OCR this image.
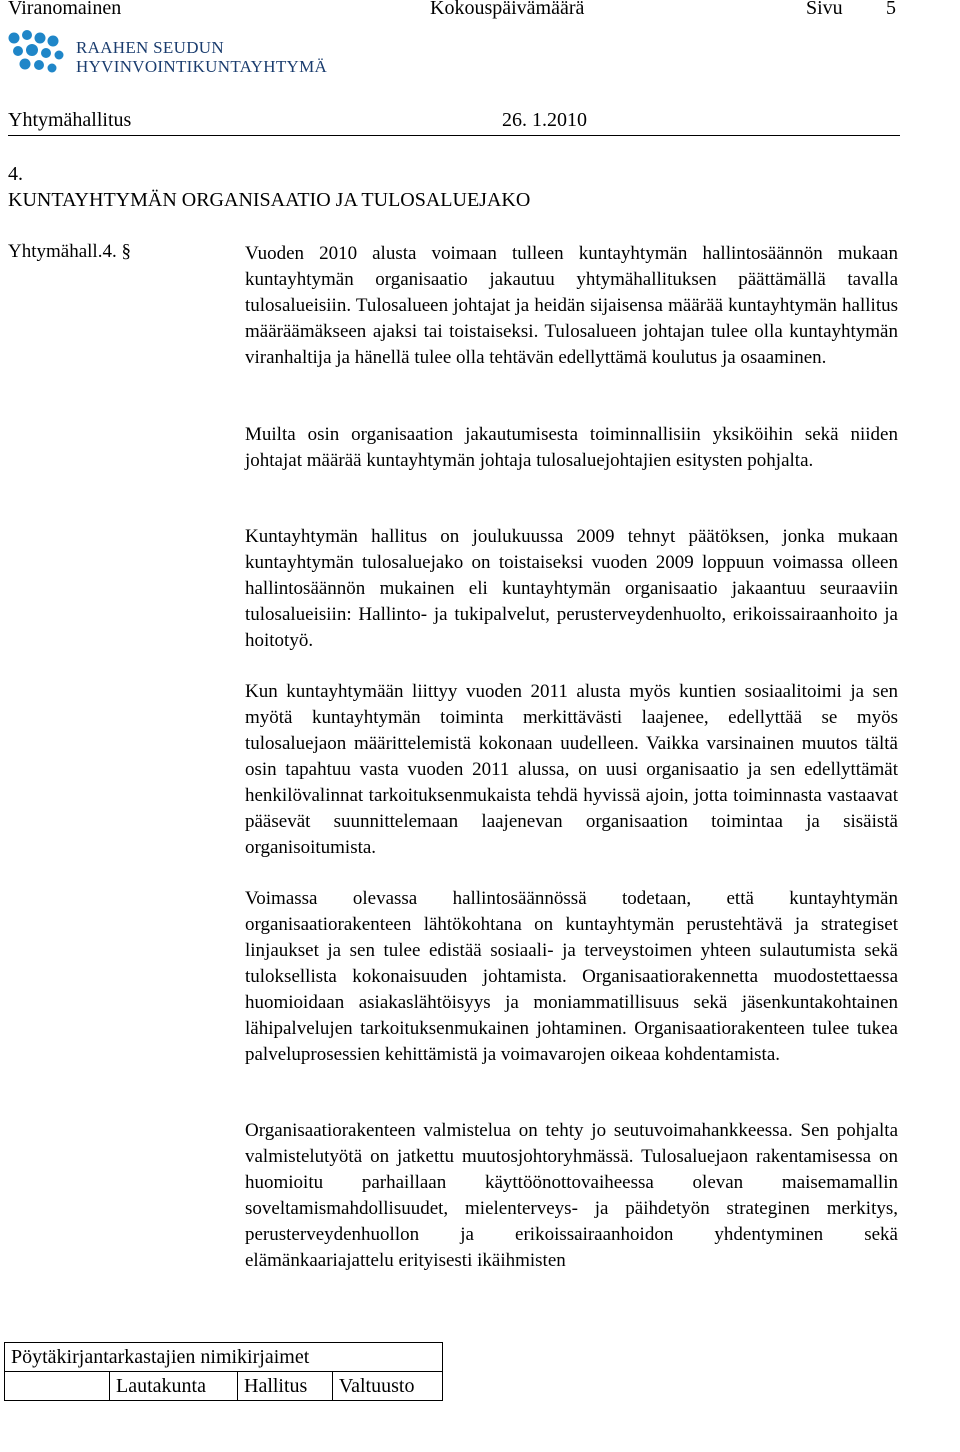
Viranomainen	Kokouspäivämäärä	Sivu 5
RAAHEN SEUDUN
HYVINVOINTIKUNTAYHTYMÄ
Yhtymähallitus	26. 1.2010
4.
KUNTAYHTYMÄN ORGANISAATIO JA TULOSALUEJAKO
Yhtymähall.4. §	Vuoden 2010 alusta voimaan tulleen kuntayhtymän hallintosäännön mukaan kuntayhtymän organisaatio jakautuu yhtymähallituksen päättämällä tavalla tulosalueisiin. Tulosalueen johtajat ja heidän sijaisensa määrää kuntayhtymän hallitus määräämäkseen ajaksi tai toistaiseksi. Tulosalueen johtajan tulee olla kuntayhtymän viranhaltija ja hänellä tulee olla tehtävän edellyttämä koulutus ja osaaminen.
Muilta osin organisaation jakautumisesta toiminnallisiin yksiköihin sekä niiden johtajat määrää kuntayhtymän johtaja tulosaluejohtajien esitysten pohjalta.
Kuntayhtymän hallitus on joulukuussa 2009 tehnyt päätöksen, jonka mukaan kuntayhtymän tulosaluejako on toistaiseksi vuoden 2009 loppuun voimassa olleen hallintosäännön mukainen eli kuntayhtymän organisaatio jakaantuu seuraaviin tulosalueisiin: Hallinto- ja tukipalvelut, perusterveydenhuolto, erikoissairaanhoito ja hoitotyö.
Kun kuntayhtymään liittyy vuoden 2011 alusta myös kuntien sosiaalitoimi ja sen myötä kuntayhtymän toiminta merkittävästi laajenee, edellyttää se myös tulosaluejaon määrittelemistä kokonaan uudelleen. Vaikka varsinainen muutos tältä osin tapahtuu vasta vuoden 2011 alussa, on uusi organisaatio ja sen edellyttämät henkilövalinnat tarkoituksenmukaista tehdä hyvissä ajoin, jotta toiminnasta vastaavat pääsevät suunnittelemaan laajenevan organisaation toimintaa ja sisäistä organisoitumista.
Voimassa olevassa hallintosäännössä todetaan, että kuntayhtymän organisaatiorakenteen lähtökohtana on kuntayhtymän perustehtävä ja strategiset linjaukset ja sen tulee edistää sosiaali- ja terveystoimen yhteen sulautumista sekä tuloksellista kokonaisuuden johtamista. Organisaatiorakennetta muodostettaessa huomioidaan asiakaslähtöisyys ja moniammatillisuus sekä jäsenkuntakohtainen lähipalvelujen tarkoituksenmukainen johtaminen. Organisaatiorakenteen tulee tukea palveluprosessien kehittämistä ja voimavarojen oikeaa kohdentamista.
Organisaatiorakenteen valmistelua on tehty jo seutuvoimahankkeessa. Sen pohjalta valmistelutyötä on jatkettu muutosjohtoryhmässä. Tulosaluejaon rakentamisessa on huomioitu parhaillaan käyttöönottovaiheessa olevan maisemamallin soveltamismahdollisuudet, mielenterveys- ja päihdetyön strateginen merkitys, perusterveydenhuollon ja erikoissairaanhoidon yhdentyminen sekä elämänkaariajattelu erityisesti ikäihmisten
Pöytäkirjantarkastajien nimikirjaimet
	Lautakunta	Hallitus	Valtuusto
